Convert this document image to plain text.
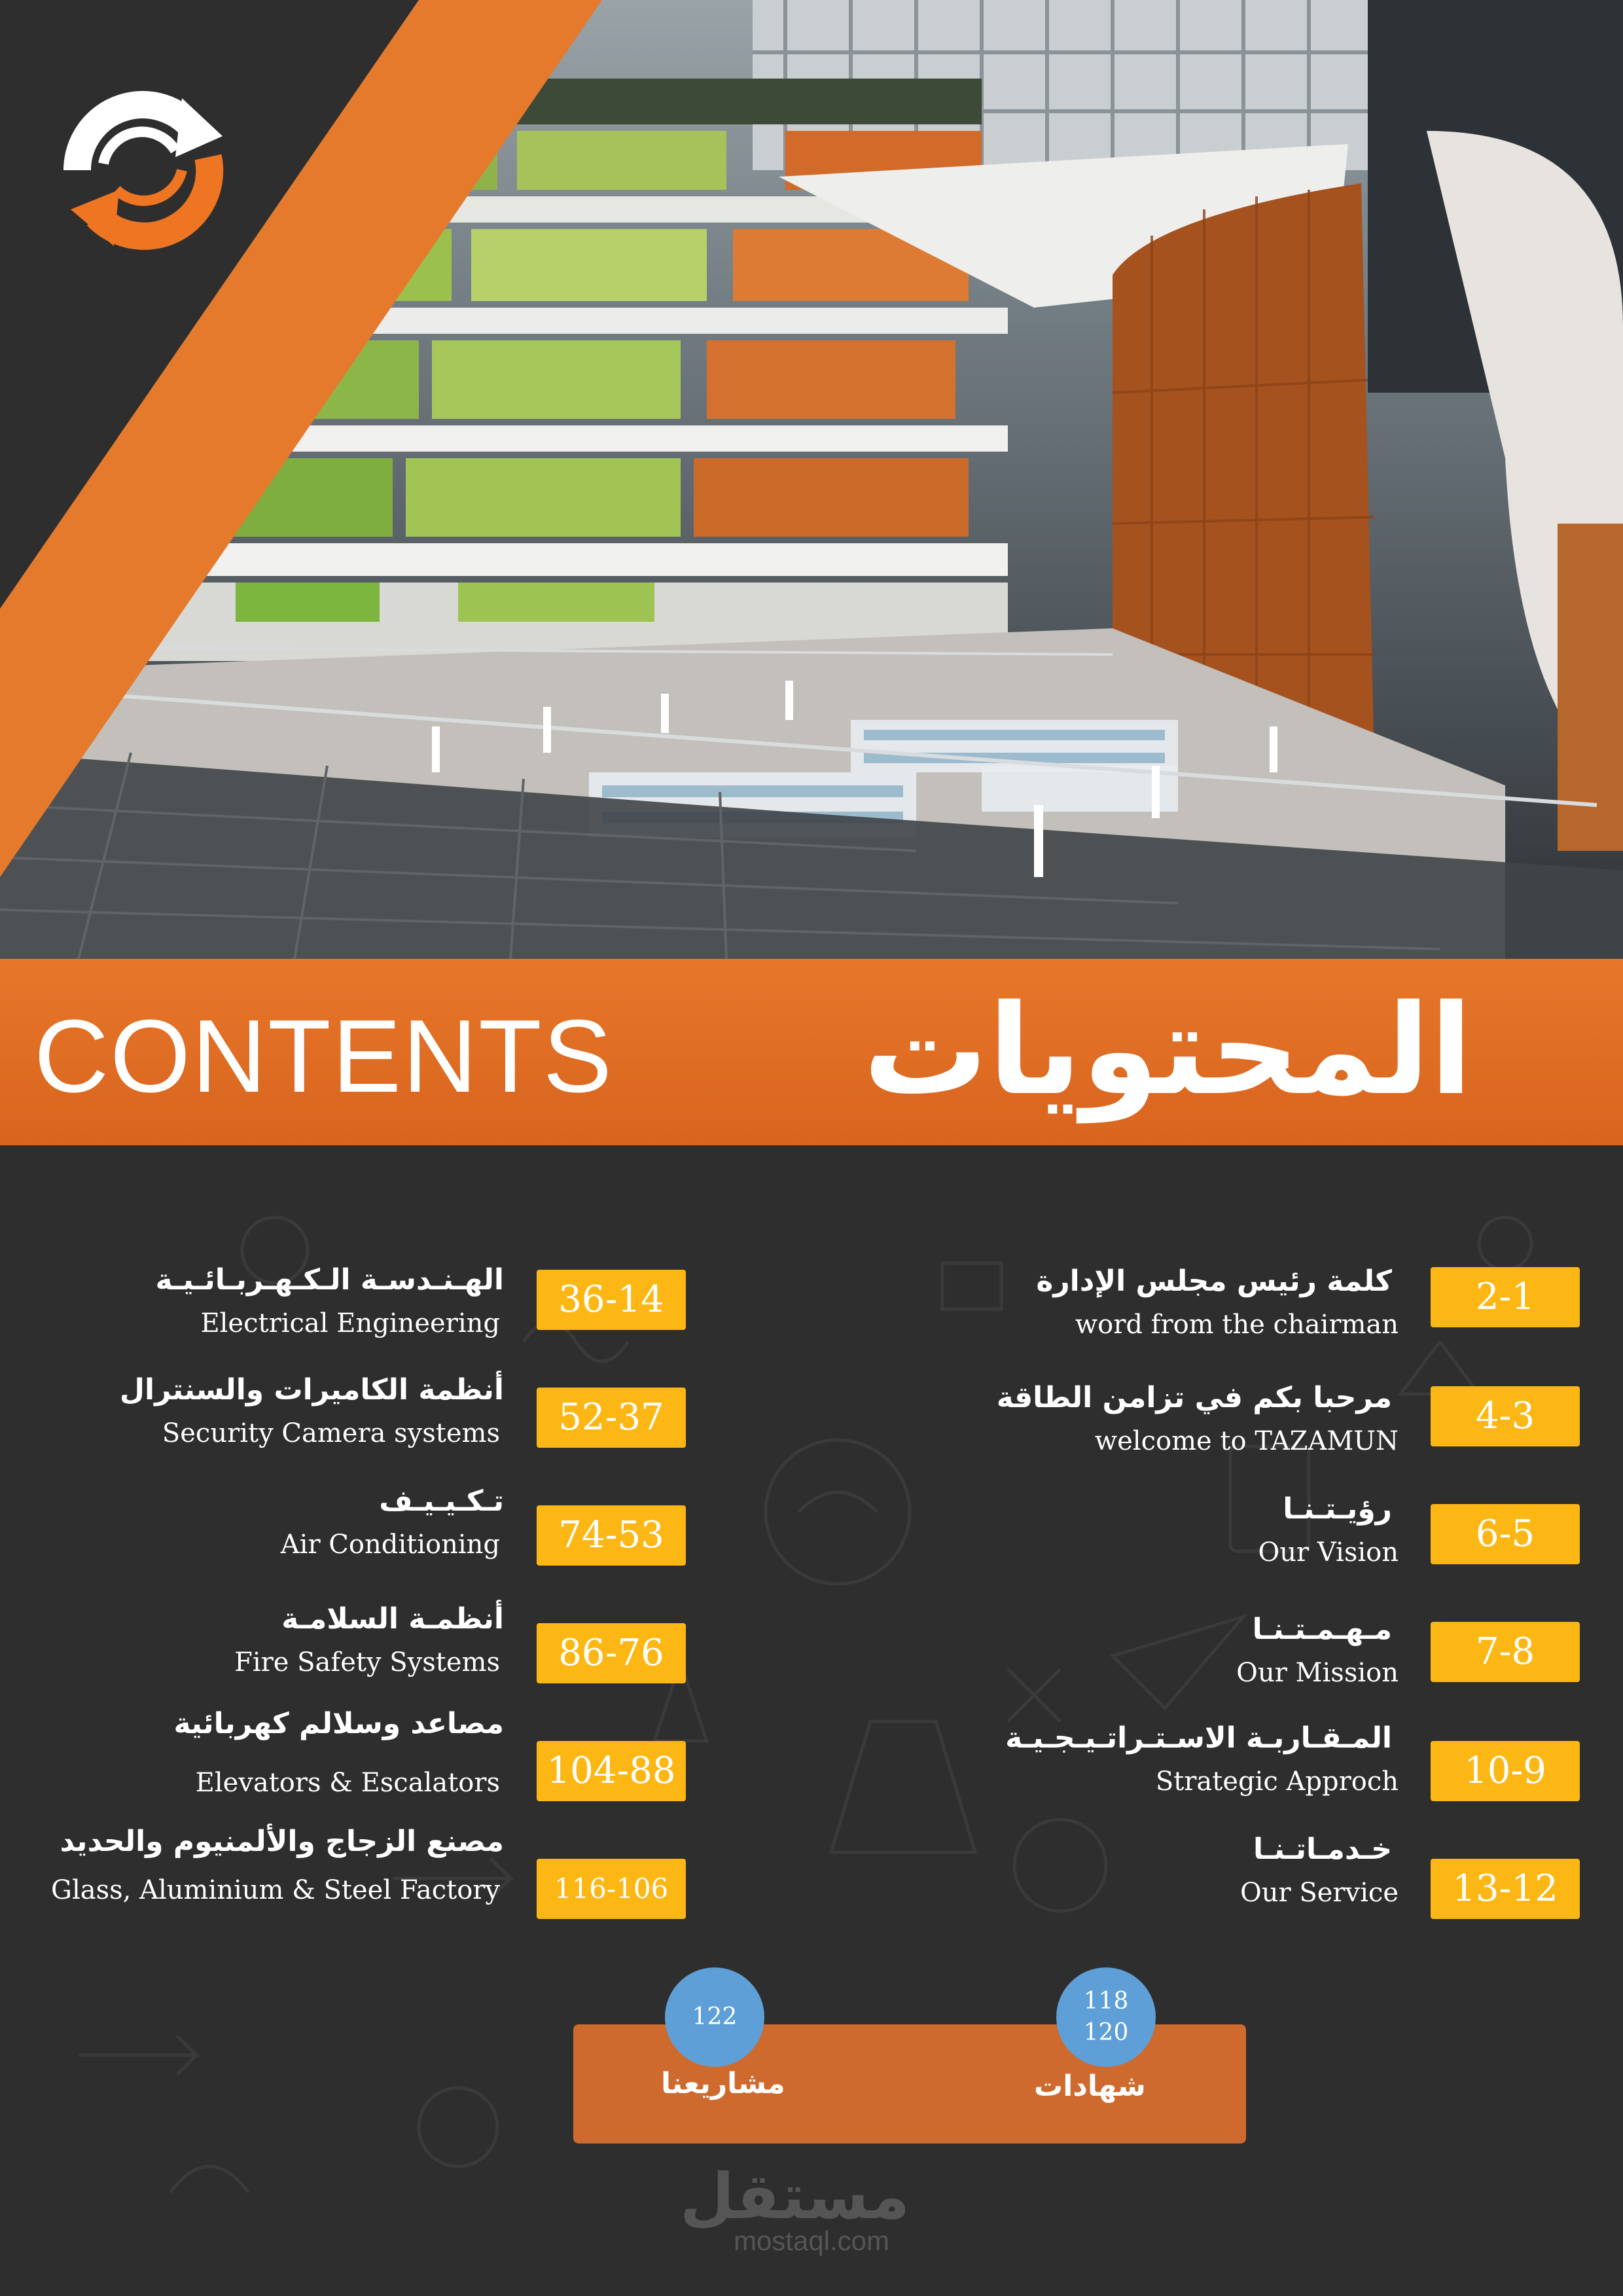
CONTENTS المحتويات
كلمة رئيس مجلس الإدارة
word from the chairman
2-1
مرحبا بكم في تزامن الطاقة
welcome to TAZAMUN
4-3
رؤيـتـنـا
Our Vision	6-5
مـهـمـتـنـا
Our Mission	7-8
المـقـاربـة الاسـتـراتـيـجـيـة
Strategic Approch	10-9
خـدمـاتـنـا
Our Service	13-12
الهـنـدسـة الـكـهـربـائـيـة
Electrical Engineering
36-14
أنظمة الكاميرات والسنترال
Security Camera systems	52-37
تـكـيـيـف
Air Conditioning	74-53
أنظمـة السلامـة
Fire Safety Systems	86-76
مصاعد وسلالم كهربائية
Elevators & Escalators 104-88
مصنع الزجاج والألمنيوم والحديد
Glass, Aluminium & Steel Factory	116-106
122
مشاريعنا
118
120
شهادات
مستقل
mostaql.com
